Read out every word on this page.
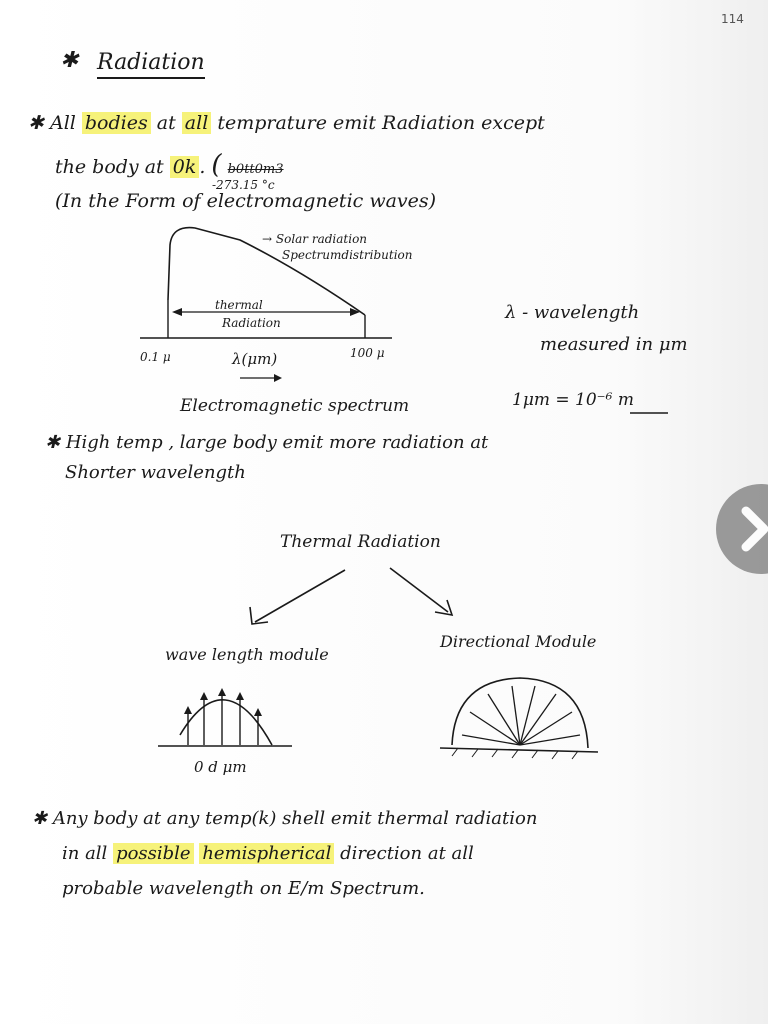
114
✱ Radiation
✱ All bodies at all temprature emit Radiation except
the body at 0k . ( b0tt0m3
-273.15 °c
(In the Form of electromagnetic waves)
→ Solar radiation
Spectrumdistribution
thermal
Radiation
0.1 μ	λ(μm)	100 μ
Electromagnetic spectrum
λ - wavelength
measured in μm
1μm = 10⁻⁶ m
✱ High temp , large body emit more radiation at
Shorter wavelength
Thermal Radiation
wave length module
Directional Module
0 d μm
✱ Any body at any temp(k) shell emit thermal radiation
in all possible hemispherical direction at all
probable wavelength on E/m Spectrum.
